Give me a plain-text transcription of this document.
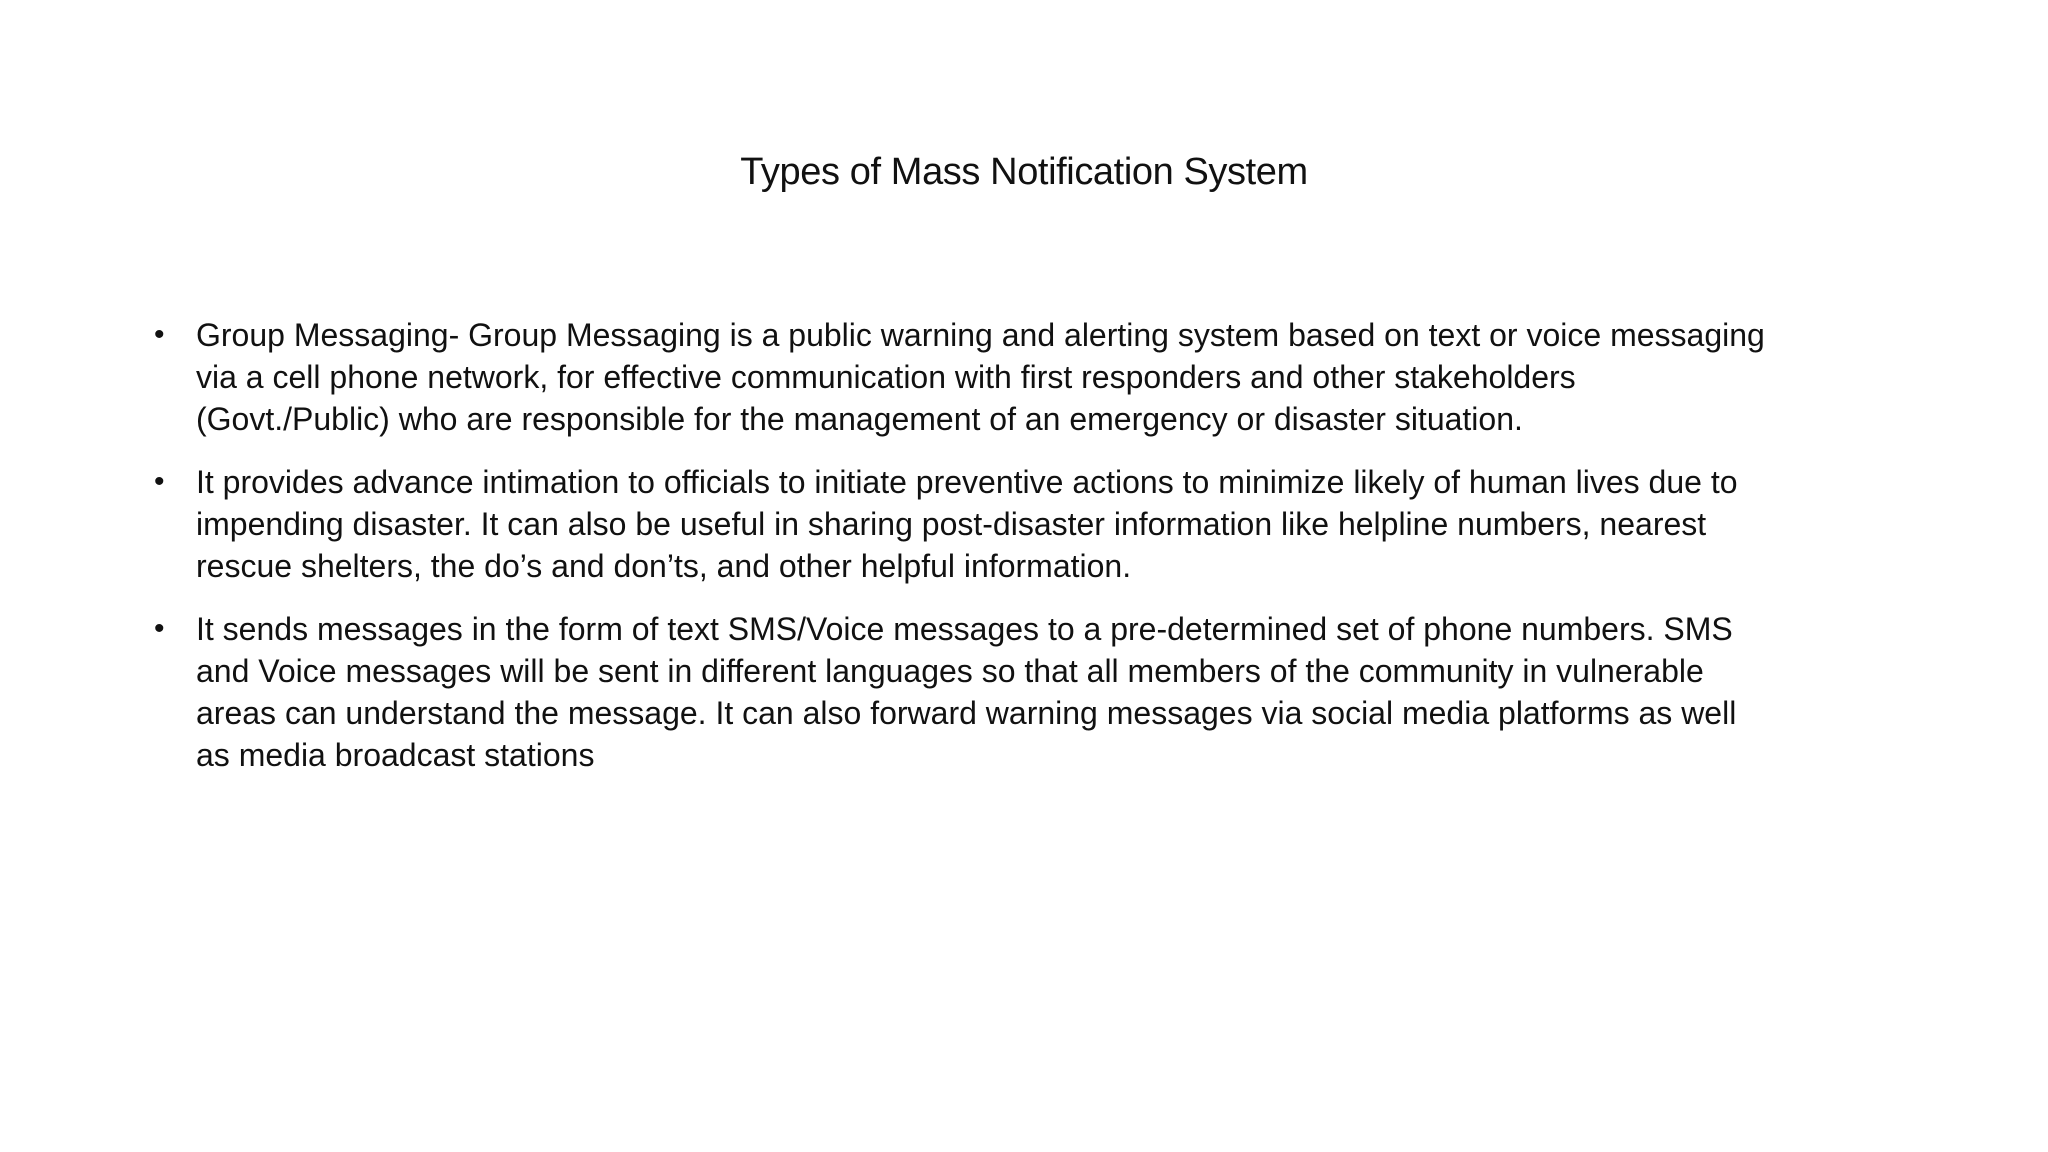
Types of Mass Notification System
• Group Messaging- Group Messaging is a public warning and alerting system based on text or voice messaging via a cell phone network, for effective communication with first responders and other stakeholders (Govt./Public) who are responsible for the management of an emergency or disaster situation.
• It provides advance intimation to officials to initiate preventive actions to minimize likely of human lives due to impending disaster. It can also be useful in sharing post-disaster information like helpline numbers, nearest rescue shelters, the do’s and don’ts, and other helpful information.
• It sends messages in the form of text SMS/Voice messages to a pre-determined set of phone numbers. SMS and Voice messages will be sent in different languages so that all members of the community in vulnerable areas can understand the message. It can also forward warning messages via social media platforms as well as media broadcast stations
